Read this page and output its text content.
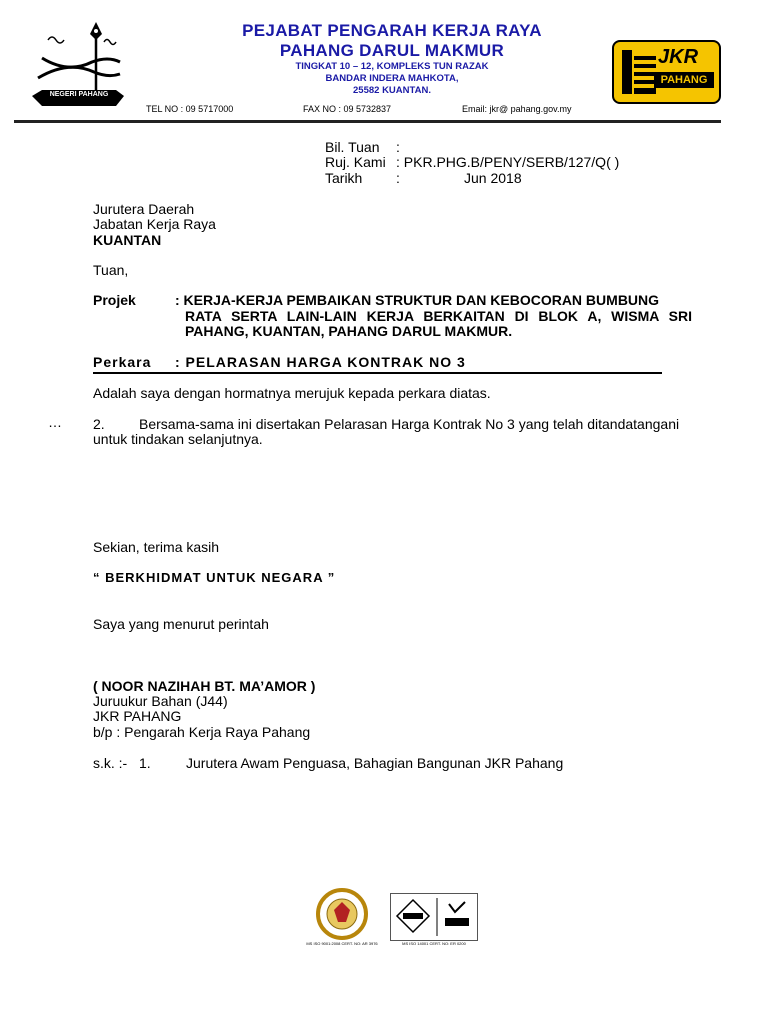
NEGERI PAHANG
PEJABAT PENGARAH KERJA RAYA
PAHANG DARUL MAKMUR
TINGKAT 10 – 12, KOMPLEKS TUN RAZAK
BANDAR INDERA MAHKOTA,
25582 KUANTAN.
TEL NO : 09 5717000	FAX NO : 09 5732837	Email: jkr@ pahang.gov.my
JKR
PAHANG
Bil. Tuan :
Ruj. Kami : PKR.PHG.B/PENY/SERB/127/Q( )
Tarikh :	Jun 2018
Jurutera Daerah
Jabatan Kerja Raya
KUANTAN
Tuan,
Projek	: KERJA-KERJA PEMBAIKAN STRUKTUR DAN KEBOCORAN BUMBUNG
RATA SERTA LAIN-LAIN KERJA BERKAITAN DI BLOK A, WISMA SRI
PAHANG, KUANTAN, PAHANG DARUL MAKMUR.
Perkara : PELARASAN HARGA KONTRAK NO 3
Adalah saya dengan hormatnya merujuk kepada perkara diatas.
… 2. Bersama-sama ini disertakan Pelarasan Harga Kontrak No 3 yang telah ditandatangani
untuk tindakan selanjutnya.
Sekian, terima kasih
“ BERKHIDMAT UNTUK NEGARA ”
Saya yang menurut perintah
( NOOR NAZIHAH BT. MA’AMOR )
Juruukur Bahan (J44)
JKR PAHANG
b/p : Pengarah Kerja Raya Pahang
s.k. :- 1.	Jurutera Awam Penguasa, Bahagian Bangunan JKR Pahang
MS ISO 9001:2008 CERT. NO: AR 3976	MS ISO 14001 CERT. NO: ER 0200
